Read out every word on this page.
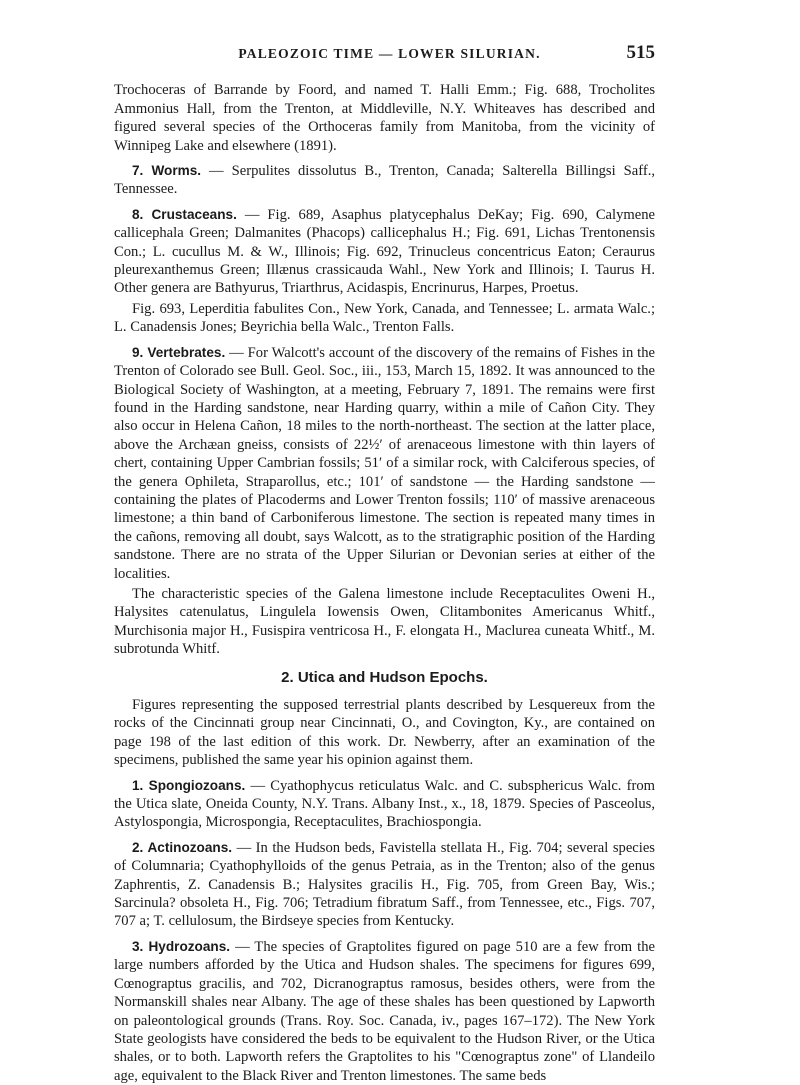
PALEOZOIC TIME — LOWER SILURIAN.	515

Trochoceras of Barrande by Foord, and named T. Halli Emm.; Fig. 688, Trocholites Ammonius Hall, from the Trenton, at Middleville, N.Y. Whiteaves has described and figured several species of the Orthoceras family from Manitoba, from the vicinity of Winnipeg Lake and elsewhere (1891).

7. Worms. — Serpulites dissolutus B., Trenton, Canada; Salterella Billingsi Saff., Tennessee.

8. Crustaceans. — Fig. 689, Asaphus platycephalus DeKay; Fig. 690, Calymene callicephala Green; Dalmanites (Phacops) callicephalus H.; Fig. 691, Lichas Trentonensis Con.; L. cucullus M. & W., Illinois; Fig. 692, Trinucleus concentricus Eaton; Ceraurus pleurexanthemus Green; Illænus crassicauda Wahl., New York and Illinois; I. Taurus H. Other genera are Bathyurus, Triarthrus, Acidaspis, Encrinurus, Harpes, Proetus.

Fig. 693, Leperditia fabulites Con., New York, Canada, and Tennessee; L. armata Walc.; L. Canadensis Jones; Beyrichia bella Walc., Trenton Falls.

9. Vertebrates. — For Walcott's account of the discovery of the remains of Fishes in the Trenton of Colorado see Bull. Geol. Soc., iii., 153, March 15, 1892. It was announced to the Biological Society of Washington, at a meeting, February 7, 1891. The remains were first found in the Harding sandstone, near Harding quarry, within a mile of Cañon City. They also occur in Helena Cañon, 18 miles to the north-northeast. The section at the latter place, above the Archæan gneiss, consists of 22½′ of arenaceous limestone with thin layers of chert, containing Upper Cambrian fossils; 51′ of a similar rock, with Calciferous species, of the genera Ophileta, Straparollus, etc.; 101′ of sandstone — the Harding sandstone — containing the plates of Placoderms and Lower Trenton fossils; 110′ of massive arenaceous limestone; a thin band of Carboniferous limestone. The section is repeated many times in the cañons, removing all doubt, says Walcott, as to the stratigraphic position of the Harding sandstone. There are no strata of the Upper Silurian or Devonian series at either of the localities.

The characteristic species of the Galena limestone include Receptaculites Oweni H., Halysites catenulatus, Lingulela Iowensis Owen, Clitambonites Americanus Whitf., Murchisonia major H., Fusispira ventricosa H., F. elongata H., Maclurea cuneata Whitf., M. subrotunda Whitf.

2. Utica and Hudson Epochs.

Figures representing the supposed terrestrial plants described by Lesquereux from the rocks of the Cincinnati group near Cincinnati, O., and Covington, Ky., are contained on page 198 of the last edition of this work. Dr. Newberry, after an examination of the specimens, published the same year his opinion against them.

1. Spongiozoans. — Cyathophycus reticulatus Walc. and C. subsphericus Walc. from the Utica slate, Oneida County, N.Y. Trans. Albany Inst., x., 18, 1879. Species of Pasceolus, Astylospongia, Microspongia, Receptaculites, Brachiospongia.

2. Actinozoans. — In the Hudson beds, Favistella stellata H., Fig. 704; several species of Columnaria; Cyathophylloids of the genus Petraia, as in the Trenton; also of the genus Zaphrentis, Z. Canadensis B.; Halysites gracilis H., Fig. 705, from Green Bay, Wis.; Sarcinula? obsoleta H., Fig. 706; Tetradium fibratum Saff., from Tennessee, etc., Figs. 707, 707 a; T. cellulosum, the Birdseye species from Kentucky.

3. Hydrozoans. — The species of Graptolites figured on page 510 are a few from the large numbers afforded by the Utica and Hudson shales. The specimens for figures 699, Cœnograptus gracilis, and 702, Dicranograptus ramosus, besides others, were from the Normanskill shales near Albany. The age of these shales has been questioned by Lapworth on paleontological grounds (Trans. Roy. Soc. Canada, iv., pages 167–172). The New York State geologists have considered the beds to be equivalent to the Hudson River, or the Utica shales, or to both. Lapworth refers the Graptolites to his "Cœnograptus zone" of Llandeilo age, equivalent to the Black River and Trenton limestones. The same beds
